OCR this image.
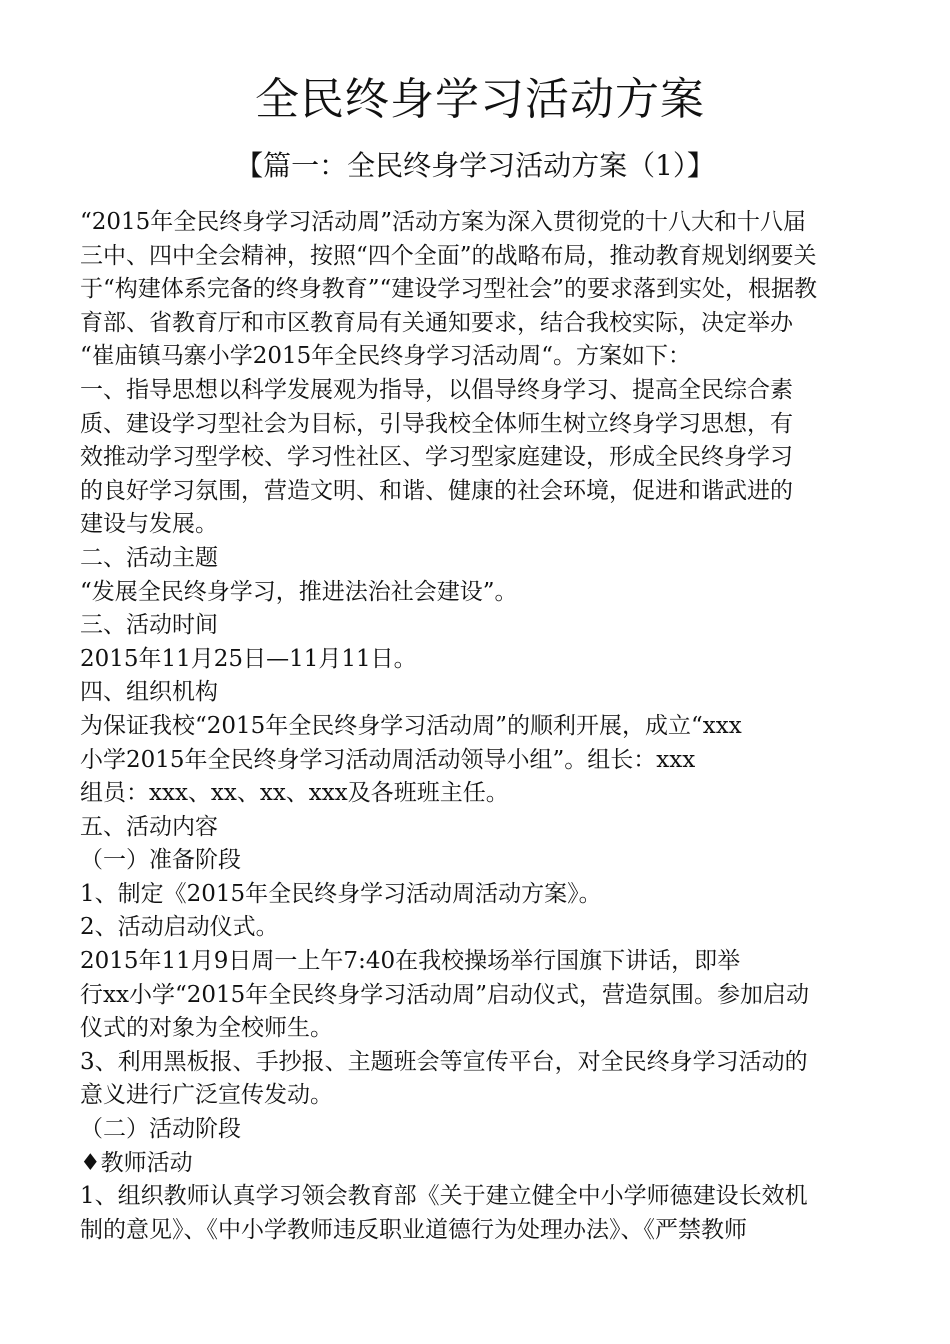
全民终身学习活动方案
【篇一：全民终身学习活动方案（1）】
“2015年全民终身学习活动周”活动方案为深入贯彻党的十八大和十八届
三中、四中全会精神，按照“四个全面”的战略布局，推动教育规划纲要关
于“构建体系完备的终身教育”“建设学习型社会”的要求落到实处，根据教
育部、省教育厅和市区教育局有关通知要求，结合我校实际，决定举办
“崔庙镇马寨小学2015年全民终身学习活动周“。方案如下：
一、指导思想以科学发展观为指导，以倡导终身学习、提高全民综合素
质、建设学习型社会为目标，引导我校全体师生树立终身学习思想，有
效推动学习型学校、学习性社区、学习型家庭建设，形成全民终身学习
的良好学习氛围，营造文明、和谐、健康的社会环境，促进和谐武进的
建设与发展。
二、活动主题
“发展全民终身学习，推进法治社会建设”。
三、活动时间
2015年11月25日—11月11日。
四、组织机构
为保证我校“2015年全民终身学习活动周”的顺利开展，成立“xxx
小学2015年全民终身学习活动周活动领导小组”。组长：xxx
组员：xxx、xx、xx、xxx及各班班主任。
五、活动内容
（一）准备阶段
1、制定《2015年全民终身学习活动周活动方案》。
2、活动启动仪式。
2015年11月9日周一上午7:40在我校操场举行国旗下讲话，即举
行xx小学“2015年全民终身学习活动周”启动仪式，营造氛围。参加启动
仪式的对象为全校师生。
3、利用黑板报、手抄报、主题班会等宣传平台，对全民终身学习活动的
意义进行广泛宣传发动。
（二）活动阶段
♦教师活动
1、组织教师认真学习领会教育部《关于建立健全中小学师德建设长效机
制的意见》、《中小学教师违反职业道德行为处理办法》、《严禁教师
